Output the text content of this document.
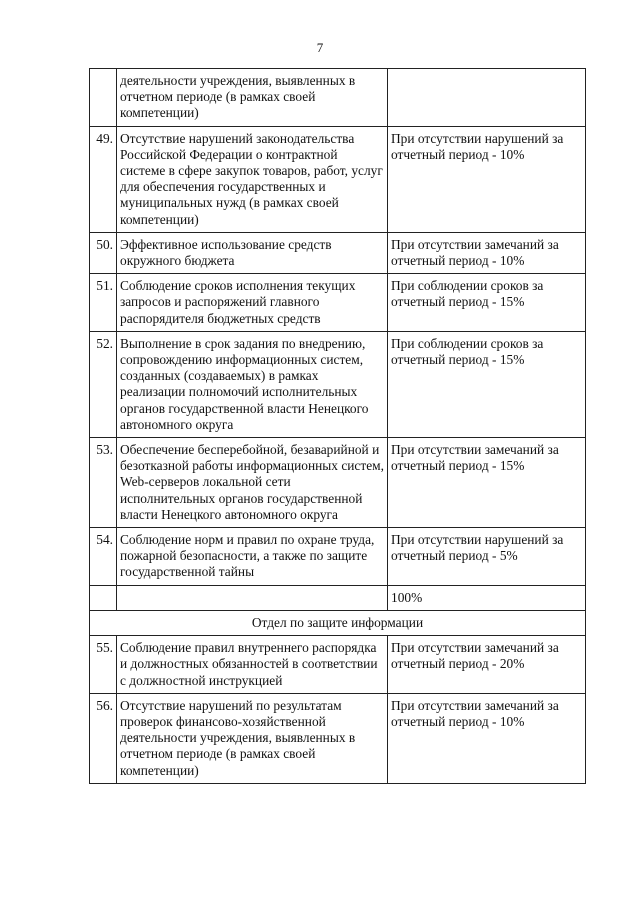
7
	деятельности учреждения, выявленных в отчетном периоде (в рамках своей компетенции)	
49.	Отсутствие нарушений законодательства Российской Федерации о контрактной системе в сфере закупок товаров, работ, услуг для обеспечения государственных и муниципальных нужд (в рамках своей компетенции)	При отсутствии нарушений за отчетный период - 10%
50.	Эффективное использование средств окружного бюджета	При отсутствии замечаний за отчетный период - 10%
51.	Соблюдение сроков исполнения текущих запросов и распоряжений главного распорядителя бюджетных средств	При соблюдении сроков за отчетный период - 15%
52.	Выполнение в срок задания по внедрению, сопровождению информационных систем, созданных (создаваемых) в рамках реализации полномочий исполнительных органов государственной власти Ненецкого автономного округа	При соблюдении сроков за отчетный период - 15%
53.	Обеспечение бесперебойной, безаварийной и безотказной работы информационных систем, Web-серверов локальной сети исполнительных органов государственной власти Ненецкого автономного округа	При отсутствии замечаний за отчетный период - 15%
54.	Соблюдение норм и правил по охране труда, пожарной безопасности, а также по защите государственной тайны	При отсутствии нарушений за отчетный период - 5%
		100%
Отдел по защите информации		
55.	Соблюдение правил внутреннего распорядка и должностных обязанностей в соответствии с должностной инструкцией	При отсутствии замечаний за отчетный период - 20%
56.	Отсутствие нарушений по результатам проверок финансово-хозяйственной деятельности учреждения, выявленных в отчетном периоде (в рамках своей компетенции)	При отсутствии замечаний за отчетный период - 10%
